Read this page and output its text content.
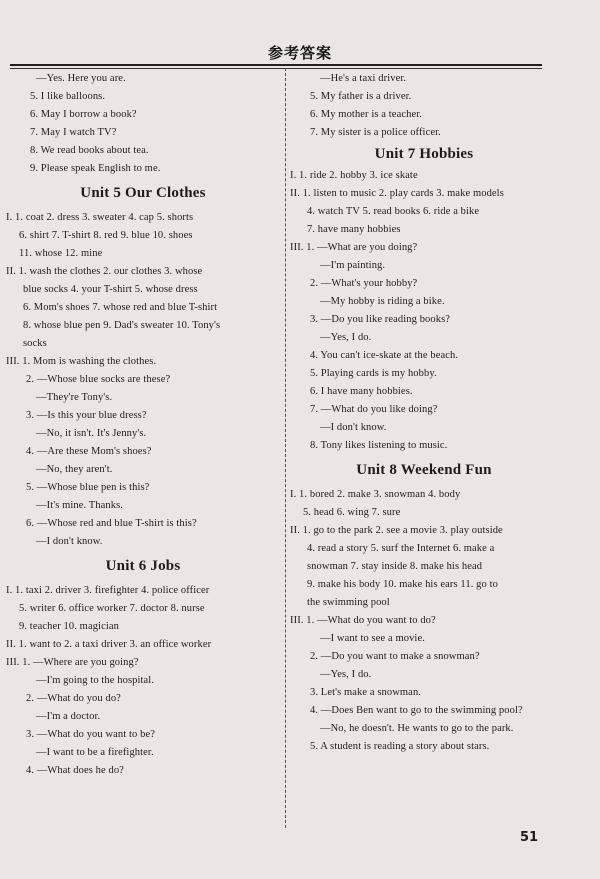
参考答案
—Yes. Here you are.
5. I like balloons.
6. May I borrow a book?
7. May I watch TV?
8. We read books about tea.
9. Please speak English to me.
Unit 5 Our Clothes
I. 1. coat 2. dress 3. sweater 4. cap 5. shorts
6. shirt 7. T-shirt 8. red 9. blue 10. shoes
11. whose 12. mine
II. 1. wash the clothes 2. our clothes 3. whose
blue socks 4. your T-shirt 5. whose dress
6. Mom's shoes 7. whose red and blue T-shirt
8. whose blue pen 9. Dad's sweater 10. Tony's
socks
III. 1. Mom is washing the clothes.
2. —Whose blue socks are these?
—They're Tony's.
3. —Is this your blue dress?
—No, it isn't. It's Jenny's.
4. —Are these Mom's shoes?
—No, they aren't.
5. —Whose blue pen is this?
—It's mine. Thanks.
6. —Whose red and blue T-shirt is this?
—I don't know.
Unit 6 Jobs
I. 1. taxi 2. driver 3. firefighter 4. police officer
5. writer 6. office worker 7. doctor 8. nurse
9. teacher 10. magician
II. 1. want to 2. a taxi driver 3. an office worker
III. 1. —Where are you going?
—I'm going to the hospital.
2. —What do you do?
—I'm a doctor.
3. —What do you want to be?
—I want to be a firefighter.
4. —What does he do?
—He's a taxi driver.
5. My father is a driver.
6. My mother is a teacher.
7. My sister is a police officer.
Unit 7 Hobbies
I. 1. ride 2. hobby 3. ice skate
II. 1. listen to music 2. play cards 3. make models
4. watch TV 5. read books 6. ride a bike
7. have many hobbies
III. 1. —What are you doing?
—I'm painting.
2. —What's your hobby?
—My hobby is riding a bike.
3. —Do you like reading books?
—Yes, I do.
4. You can't ice-skate at the beach.
5. Playing cards is my hobby.
6. I have many hobbies.
7. —What do you like doing?
—I don't know.
8. Tony likes listening to music.
Unit 8 Weekend Fun
I. 1. bored 2. make 3. snowman 4. body
5. head 6. wing 7. sure
II. 1. go to the park 2. see a movie 3. play outside
4. read a story 5. surf the Internet 6. make a
snowman 7. stay inside 8. make his head
9. make his body 10. make his ears 11. go to
the swimming pool
III. 1. —What do you want to do?
—I want to see a movie.
2. —Do you want to make a snowman?
—Yes, I do.
3. Let's make a snowman.
4. —Does Ben want to go to the swimming pool?
—No, he doesn't. He wants to go to the park.
5. A student is reading a story about stars.
51
